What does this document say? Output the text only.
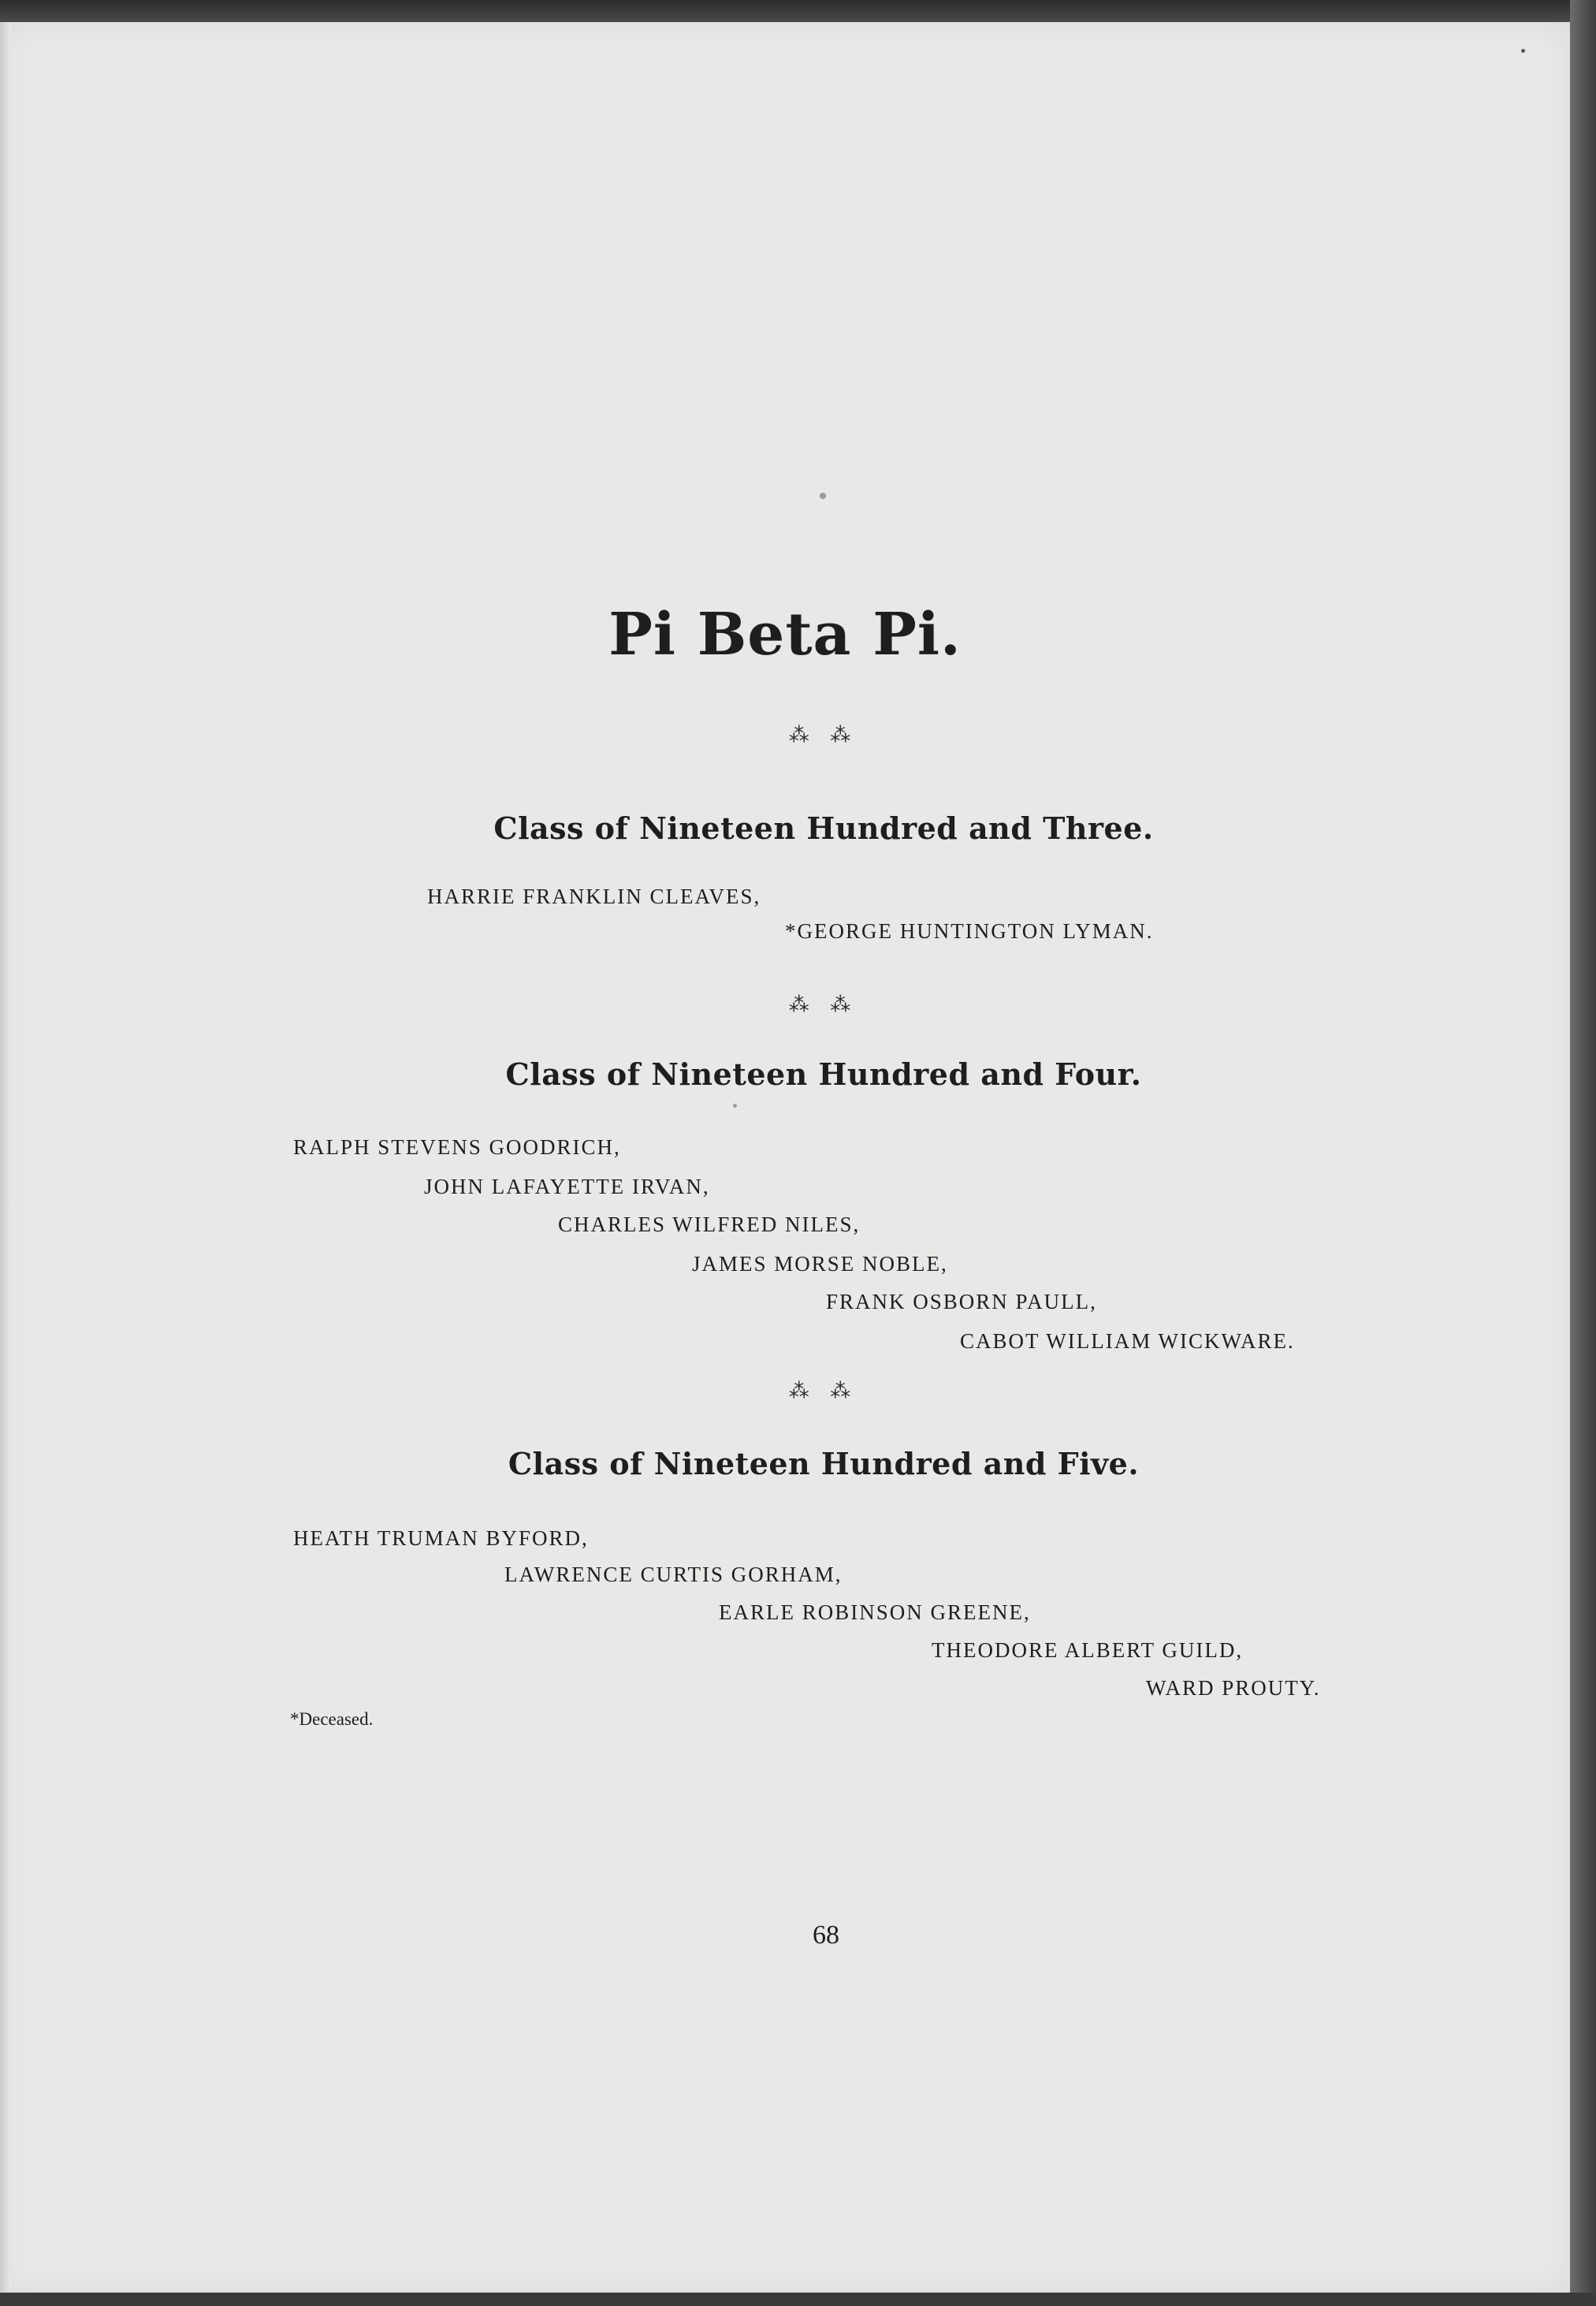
Pi Beta Pi.
⁂ ⁂
Class of Nineteen Hundred and Three.
HARRIE FRANKLIN CLEAVES,
*GEORGE HUNTINGTON LYMAN.
⁂ ⁂
Class of Nineteen Hundred and Four.
RALPH STEVENS GOODRICH,
JOHN LAFAYETTE IRVAN,
CHARLES WILFRED NILES,
JAMES MORSE NOBLE,
FRANK OSBORN PAULL,
CABOT WILLIAM WICKWARE.
⁂ ⁂
Class of Nineteen Hundred and Five.
HEATH TRUMAN BYFORD,
LAWRENCE CURTIS GORHAM,
EARLE ROBINSON GREENE,
THEODORE ALBERT GUILD,
WARD PROUTY.
*Deceased.
68
